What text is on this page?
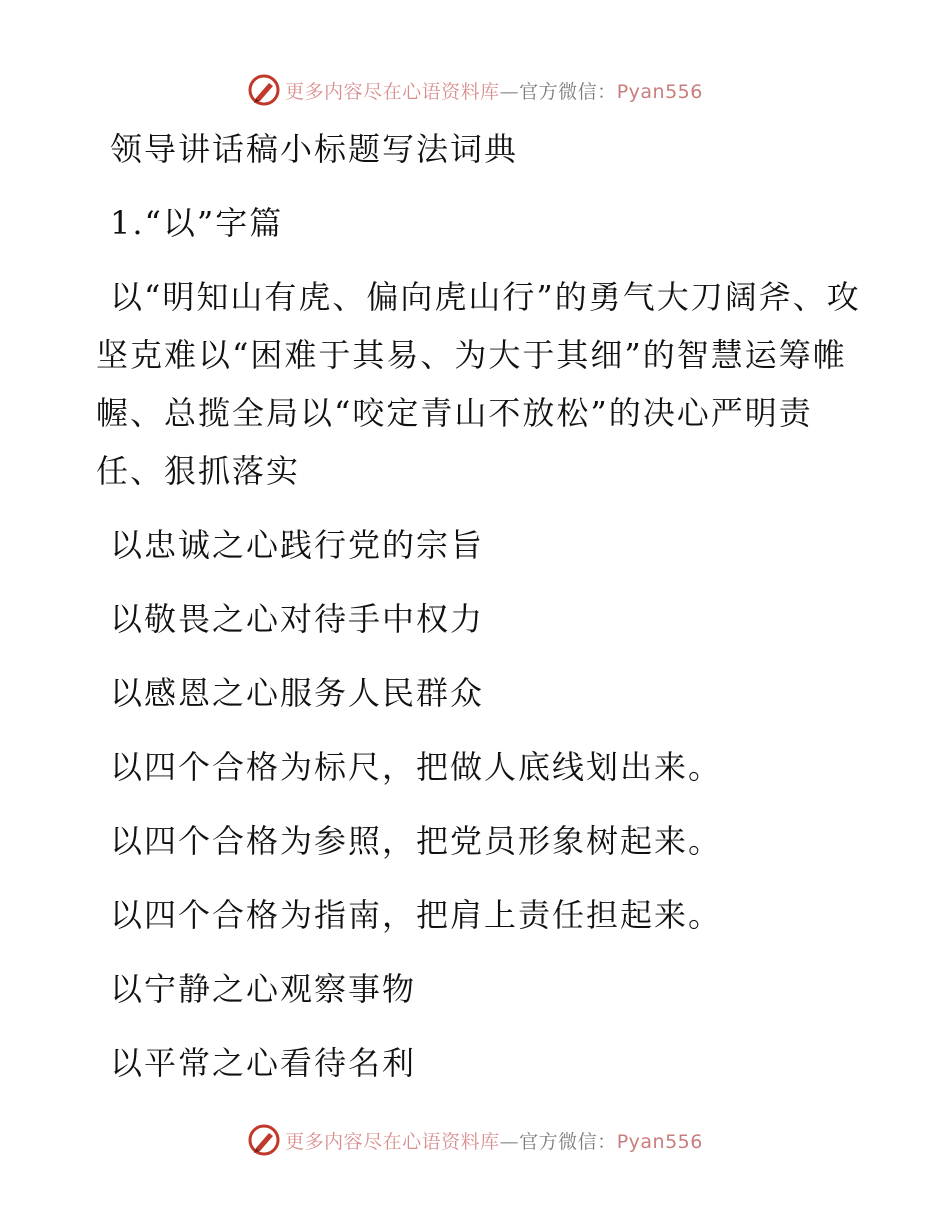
更多内容尽在心语资料库—官方微信：Pyan556
领导讲话稿小标题写法词典
1.“以”字篇
以“明知山有虎、偏向虎山行”的勇气大刀阔斧、攻坚克难以“困难于其易、为大于其细”的智慧运筹帷幄、总揽全局以“咬定青山不放松”的决心严明责任、狠抓落实
以忠诚之心践行党的宗旨
以敬畏之心对待手中权力
以感恩之心服务人民群众
以四个合格为标尺，把做人底线划出来。
以四个合格为参照，把党员形象树起来。
以四个合格为指南，把肩上责任担起来。
以宁静之心观察事物
以平常之心看待名利
更多内容尽在心语资料库—官方微信：Pyan556
